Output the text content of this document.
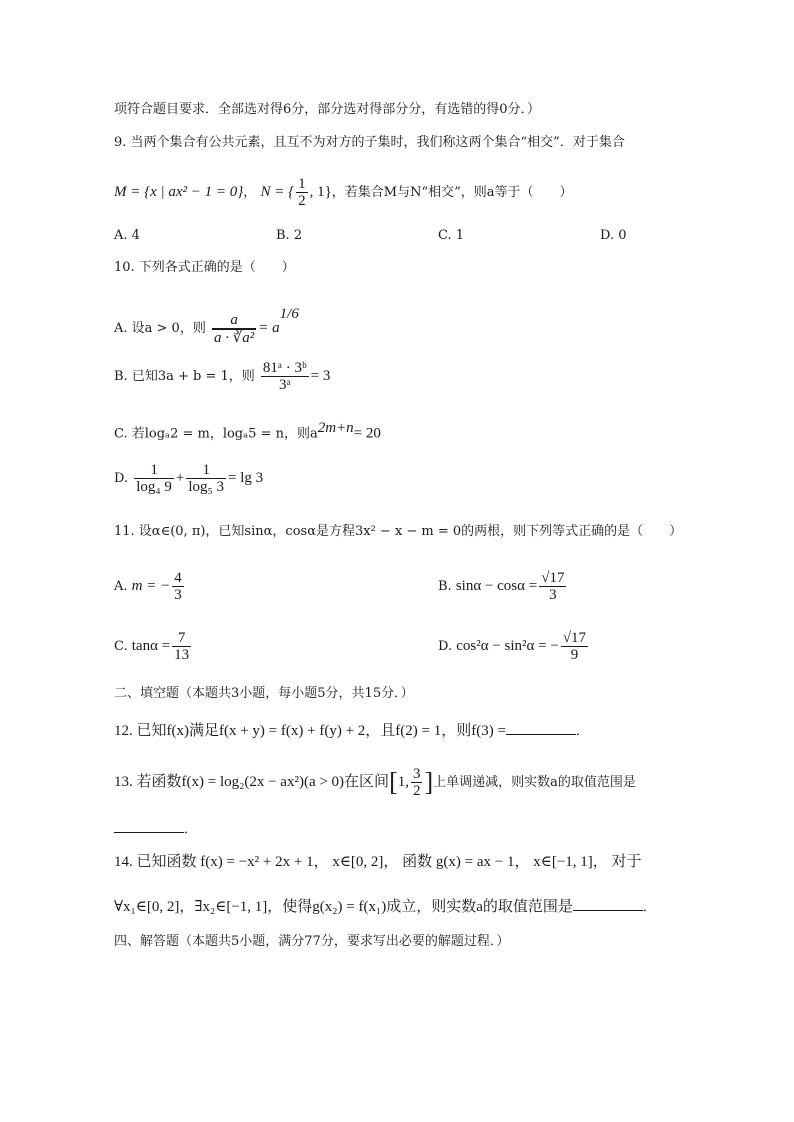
项符合题目要求．全部选对得6分，部分选对得部分分，有选错的得0分．）
9. 当两个集合有公共元素，且互不为对方的子集时，我们称这两个集合“相交”．对于集合
M = {x | ax² − 1 = 0}， N = { $\frac{1}{2}$ , 1}，若集合M与N“相交”，则a等于（　　）
A. 4	B. 2	C. 1	D. 0
10. 下列各式正确的是（　　）
A. 设a > 0，则 $\frac{a}{\text{a · ∛a²}} = a^{1/6}$
B. 已知3a + b = 1，则 $\frac{\text{81ᵃ · 3ᵇ}}{\text{3ᵃ}} = 3$
C. 若logₐ2 = m，logₐ5 = n，则$a^{2m+n}= 20$
D. $\frac{1}{\text{log₄ 9}} + \frac{1}{\text{log₅ 3}} = \lg 3$
11. 设α∈(0, π)，已知sinα，cosα是方程3x² − x − m = 0的两根，则下列等式正确的是（　　）
A. m = − $\frac{4}{3}$	B. $\sin\alpha - \cos\alpha = \frac{√17}{3}$
C. $\tan\alpha = \frac{7}{13}$	D. cos²α − sin²α = − $\frac{√17}{9}$
二、填空题（本题共3小题，每小题5分，共15分．）
12. 已知f(x)满足f(x + y) = f(x) + f(y) + 2，且f(2) = 1，则f(3) =	．
13. 若函数f(x) = log₂(2x − ax²)(a > 0)在区间[1, $\frac{3}{2}$ ]上单调递减，则实数a的取值范围是
．
14. 已知函数 f(x) = −x² + 2x + 1， x∈[0, 2]， 函数 g(x) = ax − 1， x∈[−1, 1]， 对于
∀x₁∈[0, 2]，∃x₂∈[−1, 1]，使得g(x₂) = f(x₁)成立，则实数a的取值范围是	．
四、解答题（本题共5小题，满分77分，要求写出必要的解题过程．）
